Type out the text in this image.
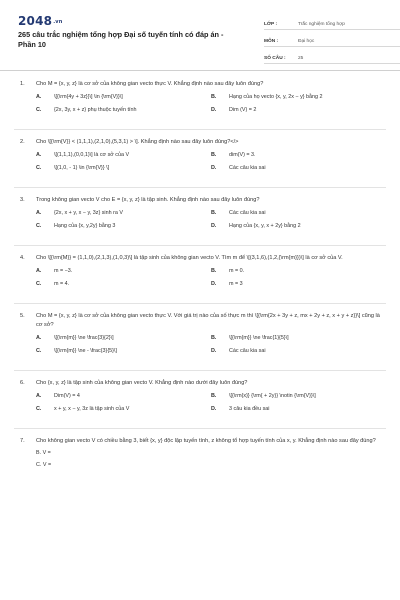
2048.vn
265 câu trắc nghiệm tổng hợp Đại số tuyến tính có đáp án - Phần 10
LỚP :	Trắc nghiệm tổng hợp
MÔN :	Đại học
SỐ CÂU :	25
1.	Cho M = {x, y, z} là cơ sở của không gian vecto thực V. Khẳng định nào sau đây luôn đúng?
A.	\[{\rm{4y + 3z}}\] \in {\rm{V}}\]	B.	Hạng của họ vecto {x, y, 2x − y} bằng 2
C.	{2x, 3y, x + z} phụ thuộc tuyến tính	D.	Dim (V) = 2
2.	Cho \[{\rm{V}} < (1,1,1),(2,1,0),(5,3,1) > \]. Khẳng định nào sau đây luôn đúng?</>
A.	\[(1,1,1),(0,0,1)\] là cơ sở của V	B.	dim(V) = 3.
C.	\[(1,0, - 1) \in {\rm{V}} \]	D.	Các câu kia sai
3.	Trong không gian vecto V cho E = {x, y, z} là tập sinh. Khẳng định nào sau đây luôn đúng?
A.	{2x, x + y, x − y, 3z} sinh ra V	B.	Các câu kia sai
C.	Hạng của {x, y,2y} bằng 3	D.	Hạng của {x, y, x + 2y} bằng 2
4.	Cho \[{\rm{M}} = (1,1,0),(2,1,3),(1,0,3)\] là tập sinh của không gian vecto V. Tìm m để \[(3,1,6),(1,2,{\rm{m}})\] là cơ sở của V.
A.	m = −3.	B.	m = 0.
C.	m = 4.	D.	m = 3
5.	Cho M = {x, y, z} là cơ sở của không gian vecto thực V. Với giá trị nào của số thực m thì \[{\rm{2x + 3y + z, mx + 2y + z, x + y + z}}\] cũng là cơ sở?
A.	\[{\rm{m}} \ne \frac{3}{2}\]	B.	\[{\rm{m}} \ne \frac{1}{5}\]
C.	\[{\rm{m}} \ne - \frac{3}{5}\]	D.	Các câu kia sai
6.	Cho {x, y, z} là tập sinh của không gian vecto V. Khẳng định nào dưới đây luôn đúng?
A.	Dim(V) = 4	B.	\[{\rm{x}} {\rm{ + 2y}} \notin {\rm{V}}\]
C.	x + y, x − y, 3z là tập sinh của V	D.	3 câu kia đều sai
7.	Cho không gian vecto V có chiều bằng 3, biết {x, y} độc lập tuyến tính, z không tổ hợp tuyến tính của x, y. Khẳng định nào sau đây đúng?
B. V =
C. V =
